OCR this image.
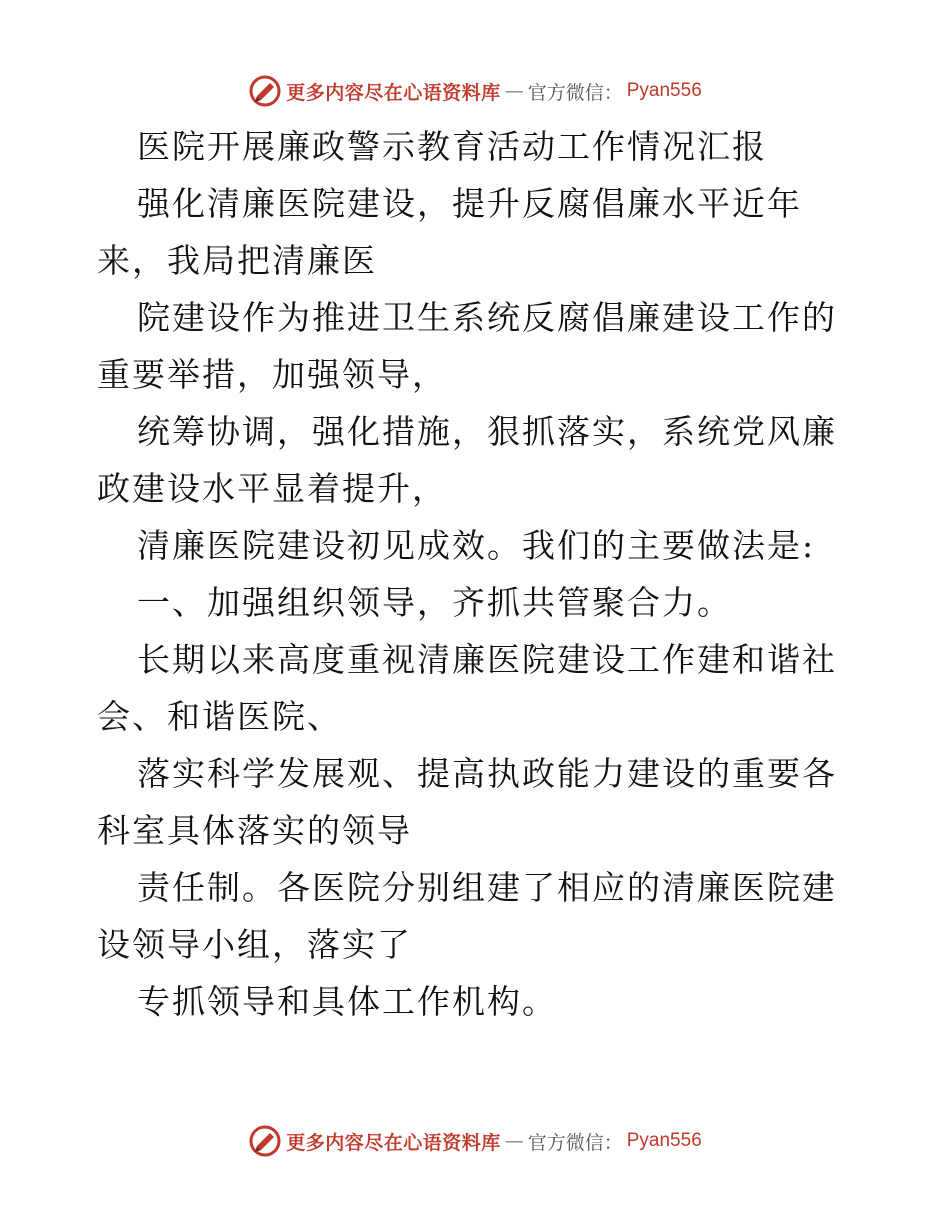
更多内容尽在心语资料库 — 官方微信： Pyan556

医院开展廉政警示教育活动工作情况汇报

强化清廉医院建设，提升反腐倡廉水平近年来，我局把清廉医

院建设作为推进卫生系统反腐倡廉建设工作的重要举措，加强领导，

统筹协调，强化措施，狠抓落实，系统党风廉政建设水平显着提升，

清廉医院建设初见成效。我们的主要做法是:

一、加强组织领导，齐抓共管聚合力。

长期以来高度重视清廉医院建设工作建和谐社会、和谐医院、

落实科学发展观、提高执政能力建设的重要各科室具体落实的领导

责任制。各医院分别组建了相应的清廉医院建设领导小组，落实了

专抓领导和具体工作机构。

更多内容尽在心语资料库 — 官方微信： Pyan556
